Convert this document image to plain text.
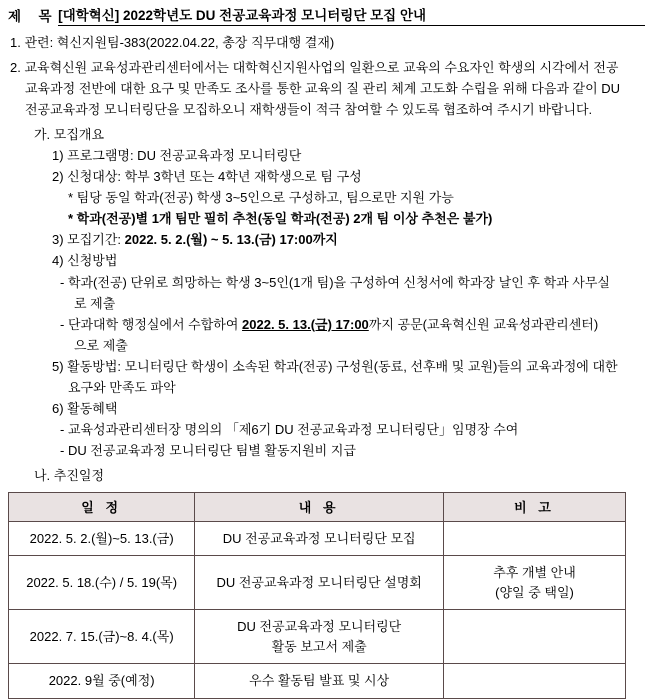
제    목 [대학혁신] 2022학년도 DU 전공교육과정 모니터링단 모집 안내
1. 관련: 혁신지원팀-383(2022.04.22, 총장 직무대행 결재)
2. 교육혁신원 교육성과관리센터에서는 대학혁신지원사업의 일환으로 교육의 수요자인 학생의 시각에서 전공
교육과정 전반에 대한 요구 및 만족도 조사를 통한 교육의 질 관리 체계 고도화 수립을 위해 다음과 같이 DU
전공교육과정 모니터링단을 모집하오니 재학생들이 적극 참여할 수 있도록 협조하여 주시기 바랍니다.
가. 모집개요
1) 프로그램명: DU 전공교육과정 모니터링단
2) 신청대상: 학부 3학년 또는 4학년 재학생으로 팀 구성
* 팀당 동일 학과(전공) 학생 3~5인으로 구성하고, 팀으로만 지원 가능
* 학과(전공)별 1개 팀만 필히 추천(동일 학과(전공) 2개 팀 이상 추천은 불가)
3) 모집기간: 2022. 5. 2.(월) ~ 5. 13.(금) 17:00까지
4) 신청방법
- 학과(전공) 단위로 희망하는 학생 3~5인(1개 팀)을 구성하여 신청서에 학과장 날인 후 학과 사무실
로 제출
- 단과대학 행정실에서 수합하여 2022. 5. 13.(금) 17:00까지 공문(교육혁신원 교육성과관리센터)
으로 제출
5) 활동방법: 모니터링단 학생이 소속된 학과(전공) 구성원(동료, 선후배 및 교원)들의 교육과정에 대한
요구와 만족도 파악
6) 활동혜택
- 교육성과관리센터장 명의의 「제6기 DU 전공교육과정 모니터링단」임명장 수여
- DU 전공교육과정 모니터링단 팀별 활동지원비 지급
나. 추진일정
일 정	내 용	비 고
2022. 5. 2.(월)~5. 13.(금)	DU 전공교육과정 모니터링단 모집	
2022. 5. 18.(수) / 5. 19(목)	DU 전공교육과정 모니터링단 설명회	추후 개별 안내
(양일 중 택일)

2022. 7. 15.(금)~8. 4.(목)	DU 전공교육과정 모니터링단
활동 보고서 제출	

2022. 9월 중(예정)	우수 활동팀 발표 및 시상	
